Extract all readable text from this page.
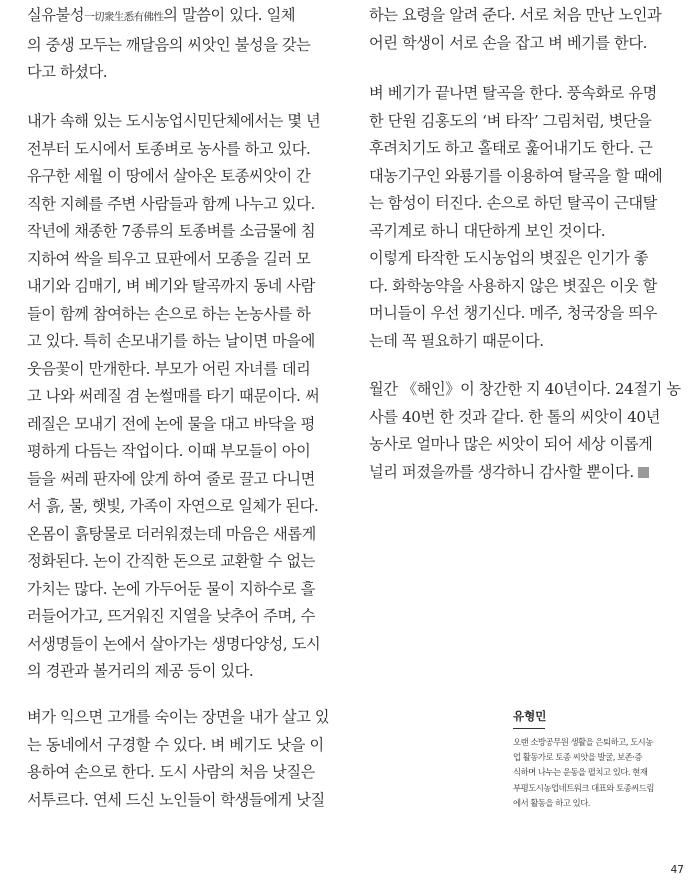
실유불성一切衆生悉有佛性의 말씀이 있다. 일체

의 중생 모두는 깨달음의 씨앗인 불성을 갖는

다고 하셨다.

내가 속해 있는 도시농업시민단체에서는 몇 년

전부터 도시에서 토종벼로 농사를 하고 있다.

유구한 세월 이 땅에서 살아온 토종씨앗이 간

직한 지혜를 주변 사람들과 함께 나누고 있다.

작년에 채종한 7종류의 토종벼를 소금물에 침

지하여 싹을 틔우고 묘판에서 모종을 길러 모

내기와 김매기, 벼 베기와 탈곡까지 동네 사람

들이 함께 참여하는 손으로 하는 논농사를 하

고 있다. 특히 손모내기를 하는 날이면 마을에

웃음꽃이 만개한다. 부모가 어린 자녀를 데리

고 나와 써레질 겸 논썰매를 타기 때문이다. 써

레질은 모내기 전에 논에 물을 대고 바닥을 평

평하게 다듬는 작업이다. 이때 부모들이 아이

들을 써레 판자에 앉게 하여 줄로 끌고 다니면

서 흙, 물, 햇빛, 가족이 자연으로 일체가 된다.

온몸이 흙탕물로 더러워졌는데 마음은 새롭게

정화된다. 논이 간직한 돈으로 교환할 수 없는

가치는 많다. 논에 가두어둔 물이 지하수로 흘

러들어가고, 뜨거워진 지열을 낮추어 주며, 수

서생명들이 논에서 살아가는 생명다양성, 도시

의 경관과 볼거리의 제공 등이 있다.

벼가 익으면 고개를 숙이는 장면을 내가 살고 있

는 동네에서 구경할 수 있다. 벼 베기도 낫을 이

용하여 손으로 한다. 도시 사람의 처음 낫질은

서투르다. 연세 드신 노인들이 학생들에게 낫질

하는 요령을 알려 준다. 서로 처음 만난 노인과

어린 학생이 서로 손을 잡고 벼 베기를 한다.

벼 베기가 끝나면 탈곡을 한다. 풍속화로 유명

한 단원 김홍도의 ‘벼 타작’ 그림처럼, 볏단을

후려치기도 하고 홀태로 훑어내기도 한다. 근

대농기구인 와룡기를 이용하여 탈곡을 할 때에

는 함성이 터진다. 손으로 하던 탈곡이 근대탈

곡기계로 하니 대단하게 보인 것이다.

이렇게 타작한 도시농업의 볏짚은 인기가 좋

다. 화학농약을 사용하지 않은 볏짚은 이웃 할

머니들이 우선 챙기신다. 메주, 청국장을 띄우

는데 꼭 필요하기 때문이다.

월간 《해인》이 창간한 지 40년이다. 24절기 농

사를 40번 한 것과 같다. 한 톨의 씨앗이 40년

농사로 얼마나 많은 씨앗이 되어 세상 이롭게

널리 퍼졌을까를 생각하니 감사할 뿐이다.

유형민

오랜 소방공무원 생활을 은퇴하고, 도시농

업 활동가로 토종 씨앗을 발굴, 보존·증

식하며 나누는 운동을 펼치고 있다. 현재

부평도시농업네트워크 대표와 토종씨드림

에서 활동을 하고 있다.

47
